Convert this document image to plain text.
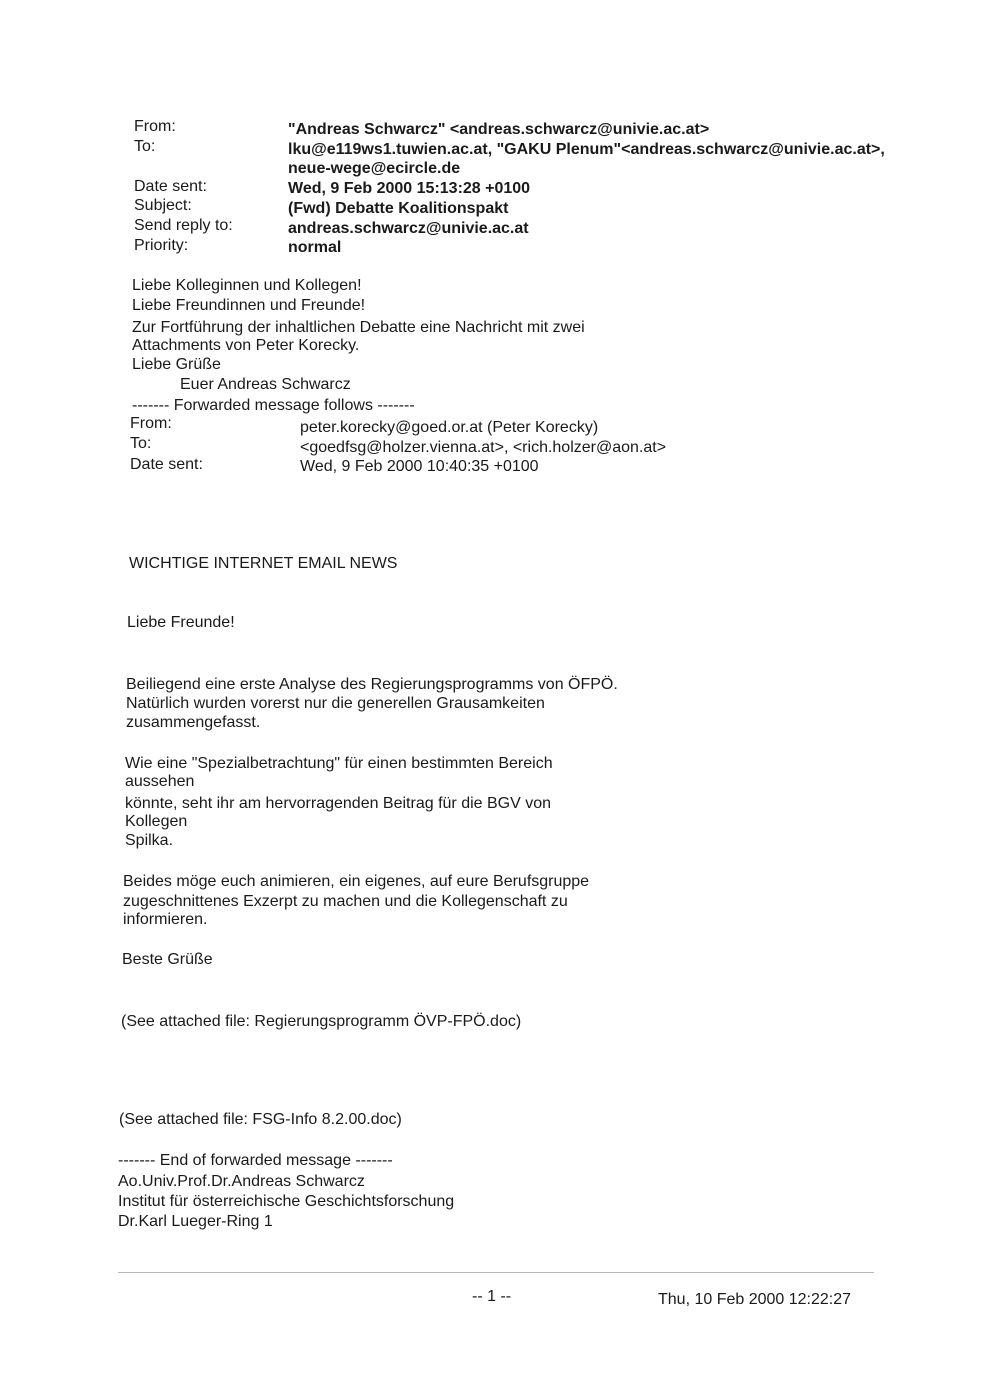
From:	"Andreas Schwarcz" <andreas.schwarcz@univie.ac.at>
To:	lku@e119ws1.tuwien.ac.at, "GAKU Plenum"<andreas.schwarcz@univie.ac.at>,
neue-wege@ecircle.de
Date sent:	Wed, 9 Feb 2000 15:13:28 +0100
Subject:	(Fwd) Debatte Koalitionspakt
Send reply to:	andreas.schwarcz@univie.ac.at
Priority:	normal
Liebe Kolleginnen und Kollegen!
Liebe Freundinnen und Freunde!
Zur Fortführung der inhaltlichen Debatte eine Nachricht mit zwei
Attachments von Peter Korecky.
Liebe Grüße
Euer Andreas Schwarcz
------- Forwarded message follows -------
From:	peter.korecky@goed.or.at (Peter Korecky)
To:	<goedfsg@holzer.vienna.at>, <rich.holzer@aon.at>
Date sent:	Wed, 9 Feb 2000 10:40:35 +0100
WICHTIGE INTERNET EMAIL NEWS
Liebe Freunde!
Beiliegend eine erste Analyse des Regierungsprogramms von ÖFPÖ.
Natürlich wurden vorerst nur die generellen Grausamkeiten
zusammengefasst.
Wie eine "Spezialbetrachtung" für einen bestimmten Bereich
aussehen
könnte, seht ihr am hervorragenden Beitrag für die BGV von
Kollegen
Spilka.
Beides möge euch animieren, ein eigenes, auf eure Berufsgruppe
zugeschnittenes Exzerpt zu machen und die Kollegenschaft zu
informieren.
Beste Grüße
(See attached file: Regierungsprogramm ÖVP-FPÖ.doc)
(See attached file: FSG-Info 8.2.00.doc)
------- End of forwarded message -------
Ao.Univ.Prof.Dr.Andreas Schwarcz
Institut für österreichische Geschichtsforschung
Dr.Karl Lueger-Ring 1
-- 1 --	Thu, 10 Feb 2000 12:22:27
